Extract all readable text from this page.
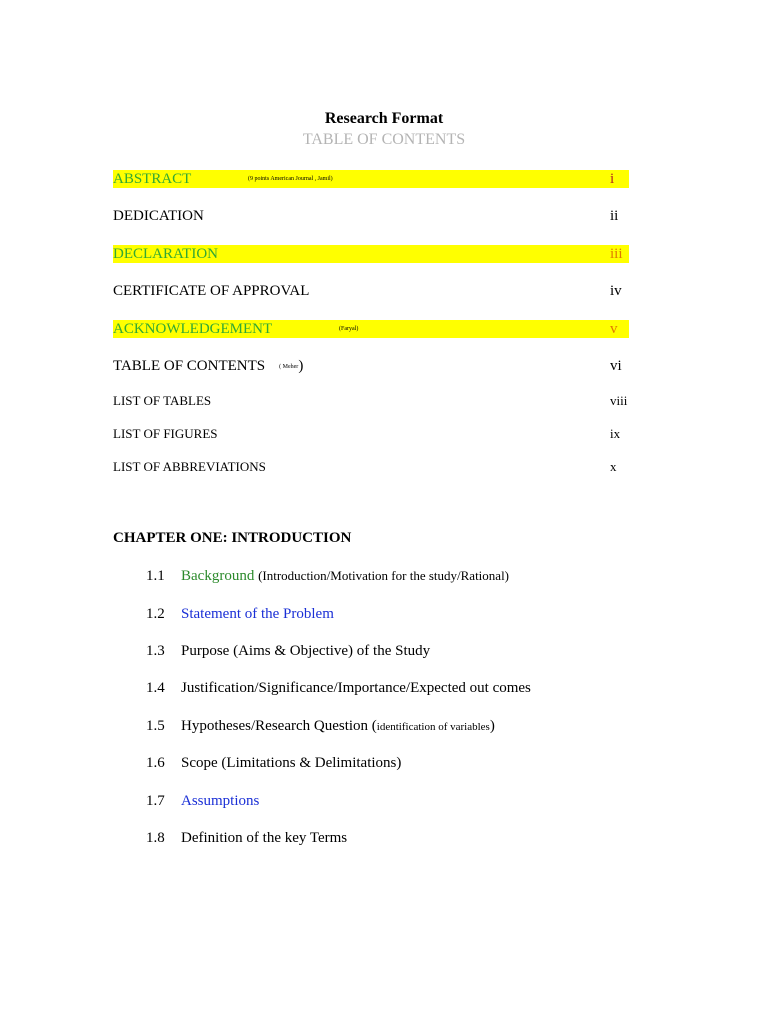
Research Format
TABLE OF CONTENTS
ABSTRACT	(9 points American Journal , Jamil)	i
DEDICATION	ii
DECLARATION	iii
CERTIFICATE OF APPROVAL	iv
ACKNOWLEDGEMENT	(Faryal)	v
TABLE OF CONTENTS ( Meher)	vi
LIST OF TABLES	viii
LIST OF FIGURES	ix
LIST OF ABBREVIATIONS	x
CHAPTER ONE: INTRODUCTION
1.1 Background (Introduction/Motivation for the study/Rational)
1.2 Statement of the Problem
1.3 Purpose (Aims & Objective) of the Study
1.4 Justification/Significance/Importance/Expected out comes
1.5 Hypotheses/Research Question (identification of variables)
1.6 Scope (Limitations & Delimitations)
1.7 Assumptions
1.8 Definition of the key Terms
